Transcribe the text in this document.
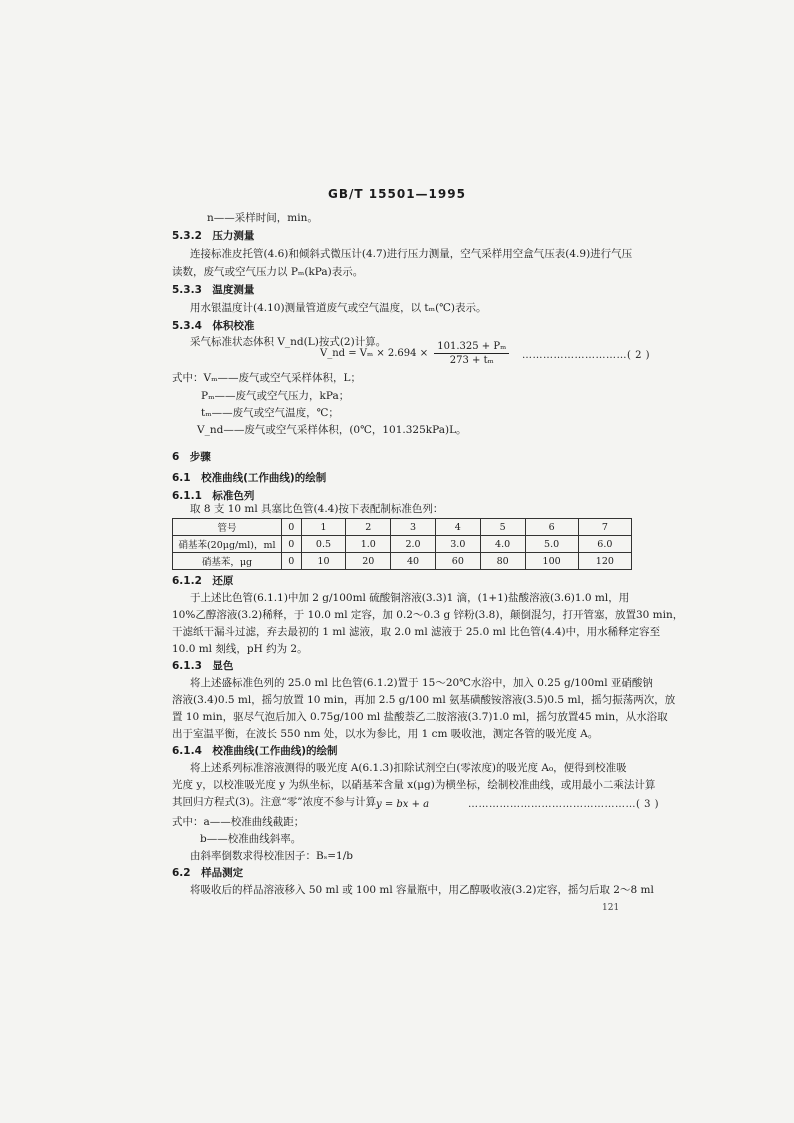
GB/T 15501—1995
n——采样时间，min。
5.3.2　压力测量
连接标准皮托管(4.6)和倾斜式微压计(4.7)进行压力测量，空气采样用空盒气压表(4.9)进行气压
读数，废气或空气压力以 Pₘ(kPa)表示。
5.3.3　温度测量
用水银温度计(4.10)测量管道废气或空气温度，以 tₘ(℃)表示。
5.3.4　体积校准
采气标准状态体积 V_nd(L)按式(2)计算。
V_nd = $V_m \times 2.694 \times \frac{\text{101.325 + Pₘ}}{\text{273 + tₘ}}$ …………………………( 2 )
式中：Vₘ——废气或空气采样体积，L；
Pₘ——废气或空气压力，kPa；
tₘ——废气或空气温度，℃；
V_nd——废气或空气采样体积，(0℃，101.325kPa)L。
6　步骤
6.1　校准曲线(工作曲线)的绘制
6.1.1　标准色列
取 8 支 10 ml 具塞比色管(4.4)按下表配制标准色列：
管号	0	1	2	3	4	5	6	7
硝基苯(20μg/ml)，ml	0	0.5	1.0	2.0	3.0	4.0	5.0	6.0
硝基苯，μg	0	10	20	40	60	80	100	120
6.1.2　还原
于上述比色管(6.1.1)中加 2 g/100ml 硫酸铜溶液(3.3)1 滴，(1+1)盐酸溶液(3.6)1.0 ml，用
10%乙醇溶液(3.2)稀释，于 10.0 ml 定容，加 0.2～0.3 g 锌粉(3.8)，颠倒混匀，打开管塞，放置30 min，
干滤纸干漏斗过滤，弃去最初的 1 ml 滤液，取 2.0 ml 滤液于 25.0 ml 比色管(4.4)中，用水稀释定容至
10.0 ml 刻线，pH 约为 2。
6.1.3　显色
将上述盛标准色列的 25.0 ml 比色管(6.1.2)置于 15～20℃水浴中，加入 0.25 g/100ml 亚硝酸钠
溶液(3.4)0.5 ml，摇匀放置 10 min，再加 2.5 g/100 ml 氨基磺酸铵溶液(3.5)0.5 ml，摇匀振荡两次，放
置 10 min，驱尽气泡后加入 0.75g/100 ml 盐酸萘乙二胺溶液(3.7)1.0 ml，摇匀放置45 min，从水浴取
出于室温平衡，在波长 550 nm 处，以水为参比，用 1 cm 吸收池，测定各管的吸光度 A。
6.1.4　校准曲线(工作曲线)的绘制
将上述系列标准溶液测得的吸光度 A(6.1.3)扣除试剂空白(零浓度)的吸光度 A₀，便得到校准吸
光度 y，以校准吸光度 y 为纵坐标，以硝基苯含量 x(μg)为横坐标，绘制校准曲线，或用最小二乘法计算
其回归方程式(3)。注意“零”浓度不参与计算 y = bx + a	…………………………………………( 3 )
式中：a——校准曲线截距；
b——校准曲线斜率。
由斜率倒数求得校准因子：Bₛ=1/b
6.2　样品测定
将吸收后的样品溶液移入 50 ml 或 100 ml 容量瓶中，用乙醇吸收液(3.2)定容，摇匀后取 2～8 ml
121
